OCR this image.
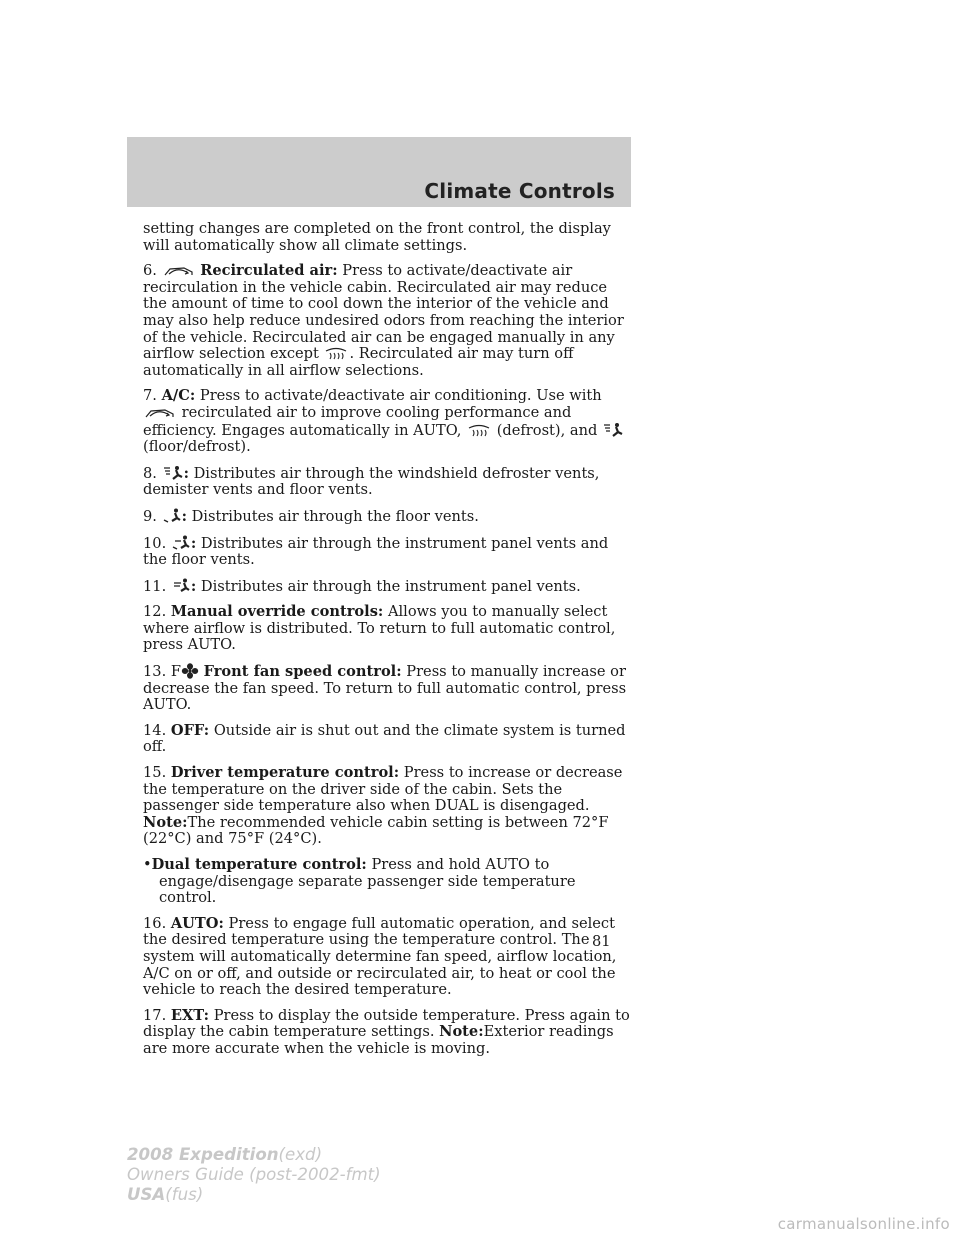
Climate Controls

setting changes are completed on the front control, the display will automatically show all climate settings.

6.	Recirculated air: Press to activate/deactivate air recirculation in the vehicle cabin. Recirculated air may reduce the amount of time to cool down the interior of the vehicle and may also help reduce undesired odors from reaching the interior of the vehicle. Recirculated air can be engaged manually in any airflow selection except . Recirculated air may turn off automatically in all airflow selections.

7. A/C: Press to activate/deactivate air conditioning. Use with  recirculated air to improve cooling performance and efficiency. Engages automatically in AUTO, (defrost), and  (floor/defrost).

8. : Distributes air through the windshield defroster vents, demister vents and floor vents.

9. : Distributes air through the floor vents.

10. : Distributes air through the instrument panel vents and the floor vents.

11. : Distributes air through the instrument panel vents.

12. Manual override controls: Allows you to manually select where airflow is distributed. To return to full automatic control, press AUTO.

13. F Front fan speed control: Press to manually increase or decrease the fan speed. To return to full automatic control, press AUTO.

14. OFF: Outside air is shut out and the climate system is turned off.

15. Driver temperature control: Press to increase or decrease the temperature on the driver side of the cabin. Sets the passenger side temperature also when DUAL is disengaged. Note:The recommended vehicle cabin setting is between 72°F (22°C) and 75°F (24°C).

•Dual temperature control: Press and hold AUTO to engage/disengage separate passenger side temperature control.

16. AUTO: Press to engage full automatic operation, and select the desired temperature using the temperature control. The system will automatically determine fan speed, airflow location, A/C on or off, and outside or recirculated air, to heat or cool the vehicle to reach the desired temperature.

17. EXT: Press to display the outside temperature. Press again to display the cabin temperature settings. Note:Exterior readings are more accurate when the vehicle is moving.

81
2008 Expedition(exd)
Owners Guide (post-2002-fmt)
USA(fus)
carmanualsonline.info
